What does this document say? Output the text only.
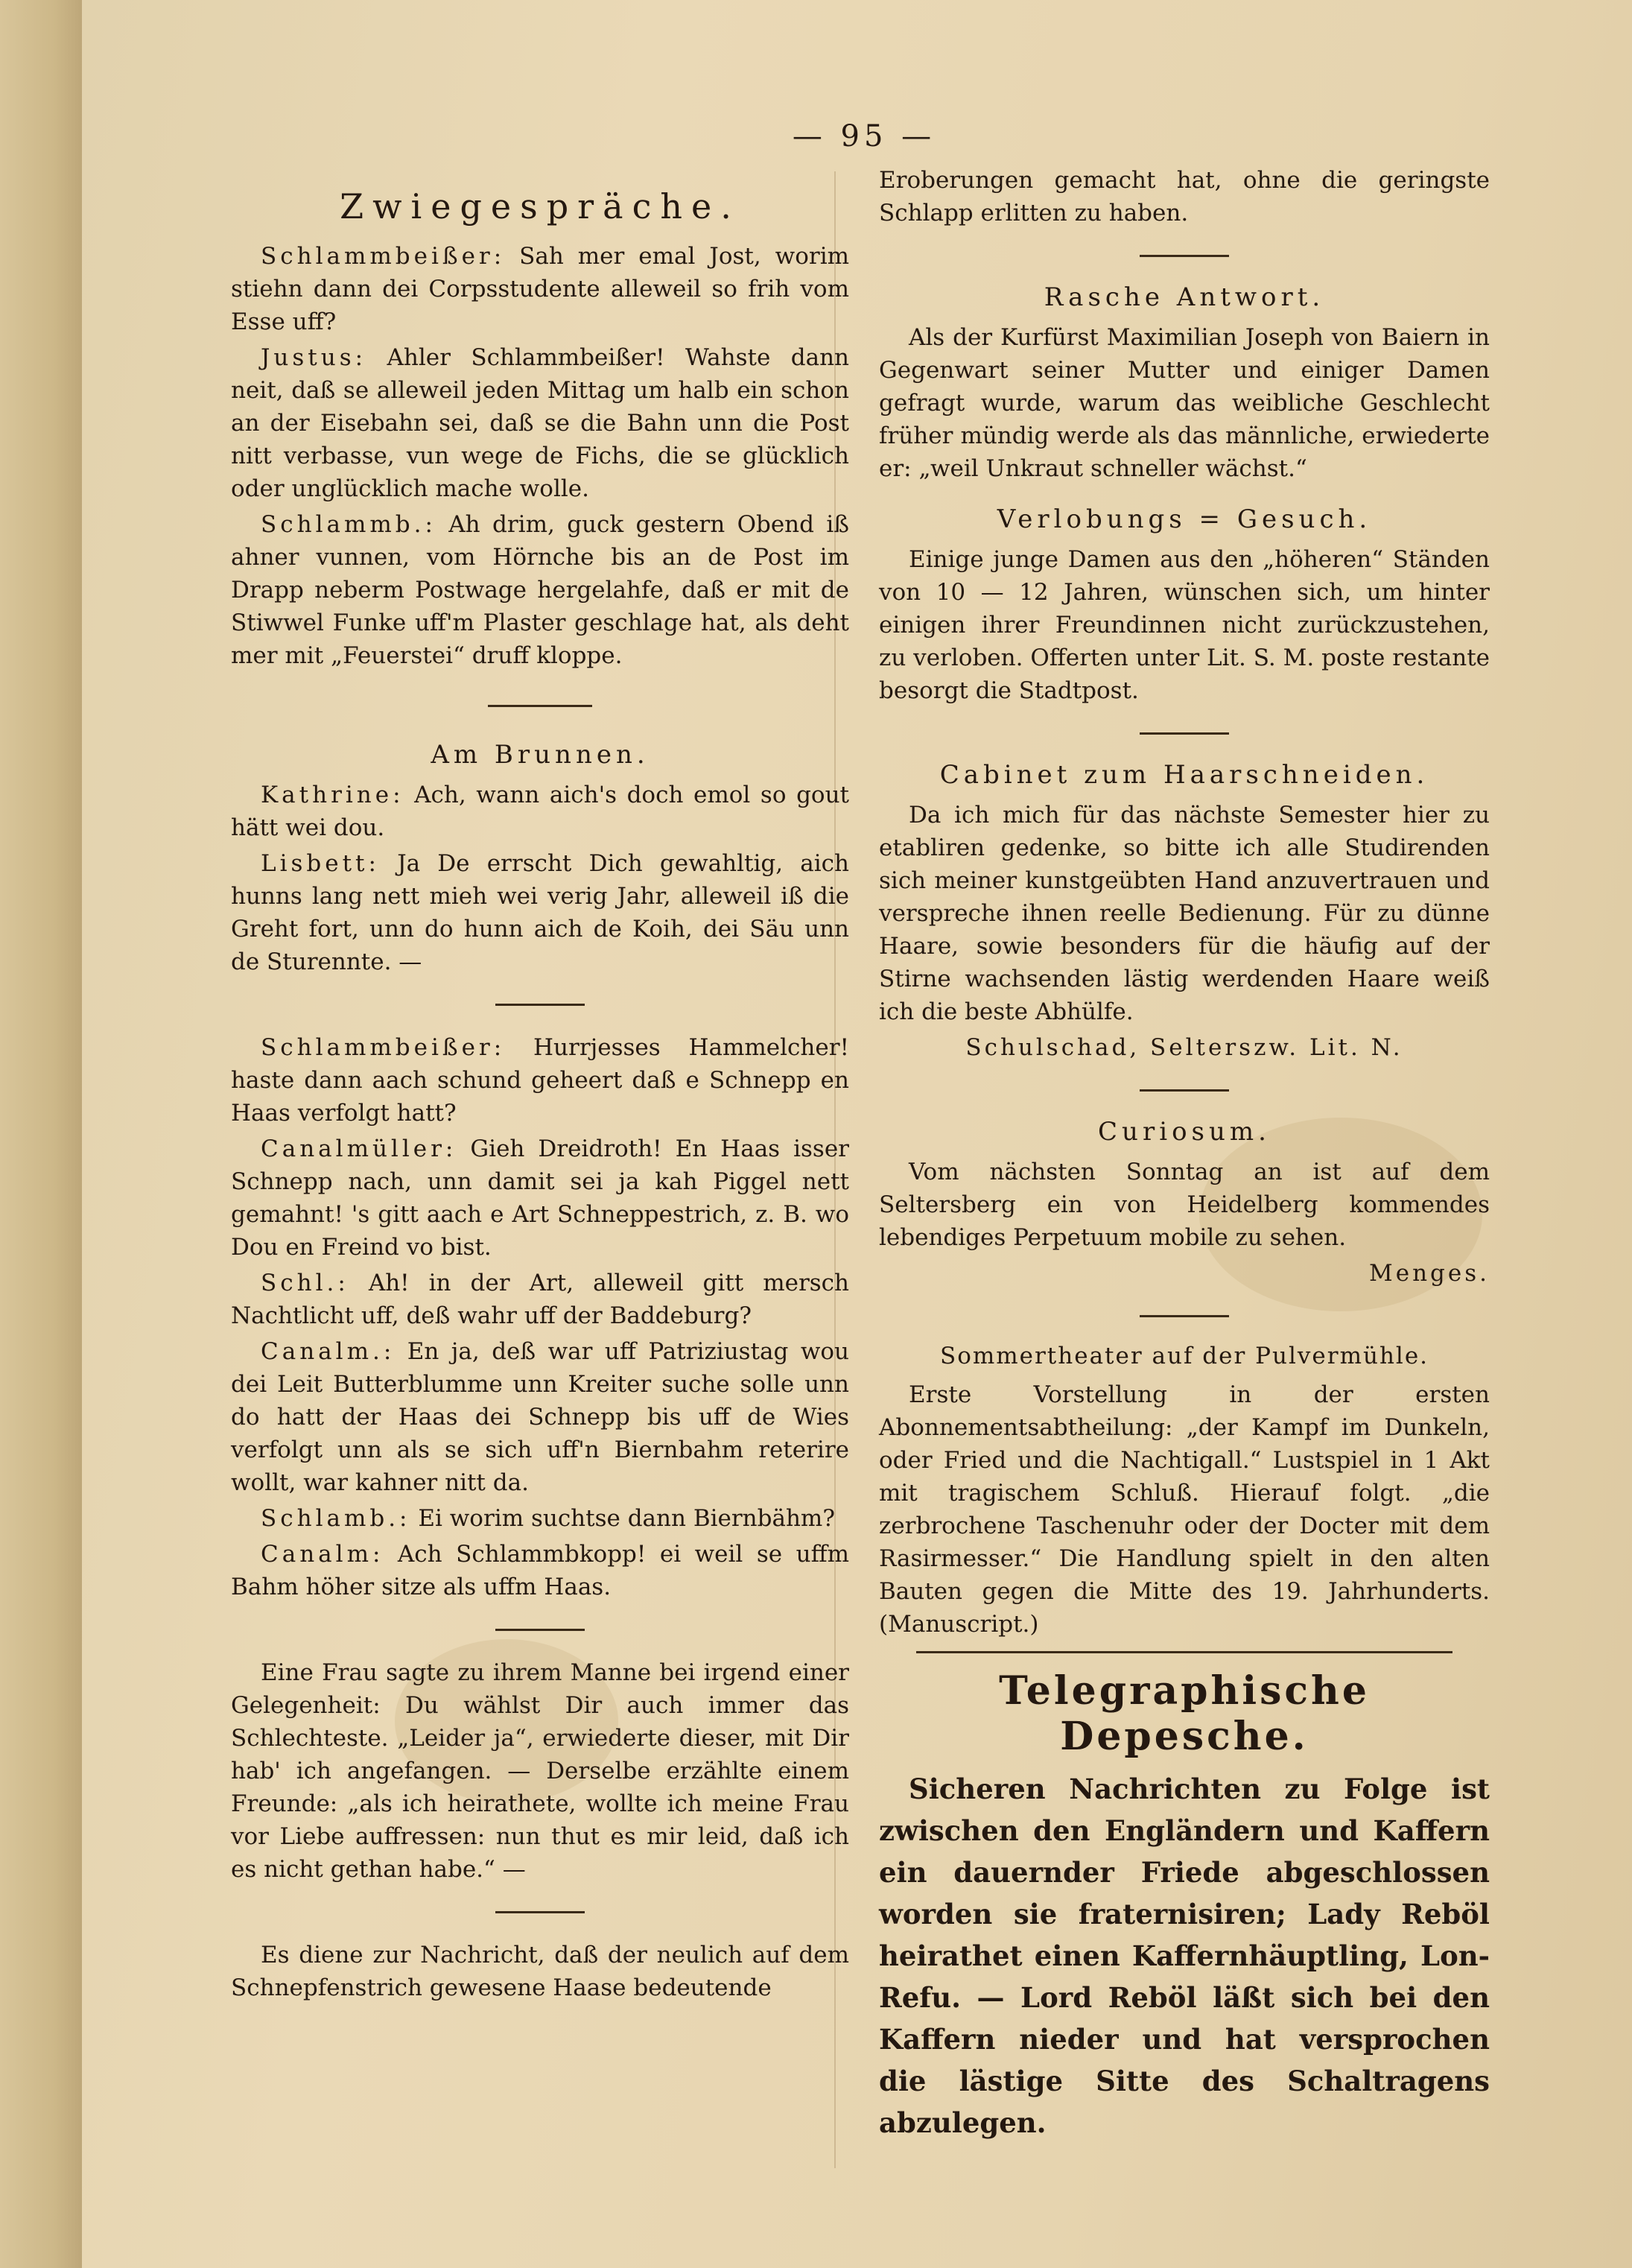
— 95 —
Zwiegespräche.

Schlammbeißer: Sah mer emal Jost, worim stiehn dann dei Corpsstudente alleweil so frih vom Esse uff?

Justus: Ahler Schlammbeißer! Wahste dann neit, daß se alleweil jeden Mittag um halb ein schon an der Eisebahn sei, daß se die Bahn unn die Post nitt verbasse, vun wege de Fichs, die se glücklich oder unglücklich mache wolle.

Schlammb.: Ah drim, guck gestern Obend iß ahner vunnen, vom Hörnche bis an de Post im Drapp neberm Postwage hergelahfe, daß er mit de Stiwwel Funke uff'm Plaster geschlage hat, als deht mer mit „Feuerstei“ druff kloppe.

Am Brunnen.

Kathrine: Ach, wann aich's doch emol so gout hätt wei dou.

Lisbett: Ja De errscht Dich gewahltig, aich hunns lang nett mieh wei verig Jahr, alleweil iß die Greht fort, unn do hunn aich de Koih, dei Säu unn de Sturennte. —

Schlammbeißer: Hurrjesses Hammelcher! haste dann aach schund geheert daß e Schnepp en Haas verfolgt hatt?

Canalmüller: Gieh Dreidroth! En Haas isser Schnepp nach, unn damit sei ja kah Piggel nett gemahnt! 's gitt aach e Art Schneppestrich, z. B. wo Dou en Freind vo bist.

Schl.: Ah! in der Art, alleweil gitt mersch Nachtlicht uff, deß wahr uff der Baddeburg?

Canalm.: En ja, deß war uff Patriziustag wou dei Leit Butterblumme unn Kreiter suche solle unn do hatt der Haas dei Schnepp bis uff de Wies verfolgt unn als se sich uff'n Biernbahm reterire wollt, war kahner nitt da.

Schlamb.: Ei worim suchtse dann Biernbähm?

Canalm: Ach Schlammbkopp! ei weil se uffm Bahm höher sitze als uffm Haas.

Eine Frau sagte zu ihrem Manne bei irgend einer Gelegenheit: Du wählst Dir auch immer das Schlechteste. „Leider ja“, erwiederte dieser, mit Dir hab' ich angefangen. — Derselbe erzählte einem Freunde: „als ich heirathete, wollte ich meine Frau vor Liebe auffressen: nun thut es mir leid, daß ich es nicht gethan habe.“ —

Es diene zur Nachricht, daß der neulich auf dem Schnepfenstrich gewesene Haase bedeutende

Eroberungen gemacht hat, ohne die geringste Schlapp erlitten zu haben.

Rasche Antwort.

Als der Kurfürst Maximilian Joseph von Baiern in Gegenwart seiner Mutter und einiger Damen gefragt wurde, warum das weibliche Geschlecht früher mündig werde als das männliche, erwiederte er: „weil Unkraut schneller wächst.“

Verlobungs = Gesuch.

Einige junge Damen aus den „höheren“ Ständen von 10 — 12 Jahren, wünschen sich, um hinter einigen ihrer Freundinnen nicht zurückzustehen, zu verloben. Offerten unter Lit. S. M. poste restante besorgt die Stadtpost.

Cabinet zum Haarschneiden.

Da ich mich für das nächste Semester hier zu etabliren gedenke, so bitte ich alle Studirenden sich meiner kunstgeübten Hand anzuvertrauen und verspreche ihnen reelle Bedienung. Für zu dünne Haare, sowie besonders für die häufig auf der Stirne wachsenden lästig werdenden Haare weiß ich die beste Abhülfe.

Schulschad, Selterszw. Lit. N.

Curiosum.

Vom nächsten Sonntag an ist auf dem Seltersberg ein von Heidelberg kommendes lebendiges Perpetuum mobile zu sehen.

Menges.

Sommertheater auf der Pulvermühle.

Erste Vorstellung in der ersten Abonnementsabtheilung: „der Kampf im Dunkeln, oder Fried und die Nachtigall.“ Lustspiel in 1 Akt mit tragischem Schluß. Hierauf folgt. „die zerbrochene Taschenuhr oder der Docter mit dem Rasirmesser.“ Die Handlung spielt in den alten Bauten gegen die Mitte des 19. Jahrhunderts. (Manuscript.)

Telegraphische Depesche.

Sicheren Nachrichten zu Folge ist zwischen den Engländern und Kaffern ein dauernder Friede abgeschlossen worden sie fraternisiren; Lady Reböl heirathet einen Kaffernhäuptling, Lon-Refu. — Lord Reböl läßt sich bei den Kaffern nieder und hat versprochen die lästige Sitte des Schaltragens abzulegen.
